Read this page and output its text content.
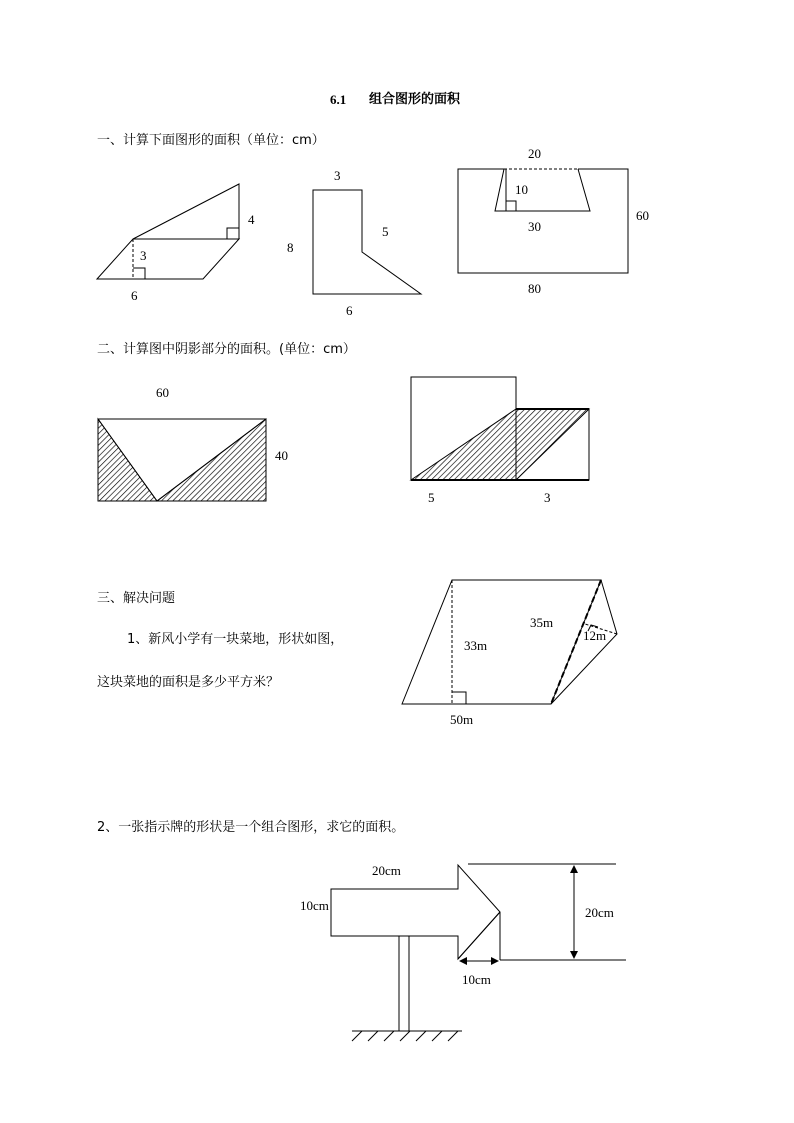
6.1 组合图形的面积
一、计算下面图形的面积（单位：cm）
二、计算图中阴影部分的面积。(单位：cm）
三、解决问题
1、新风小学有一块菜地，形状如图，
这块菜地的面积是多少平方米？
2、一张指示牌的形状是一个组合图形，求它的面积。
4
3
6
3
8
5
6
20
10
30
60
80
60
40
5	3
35m
12m
33m
50m
20cm
10cm	20cm
10cm
